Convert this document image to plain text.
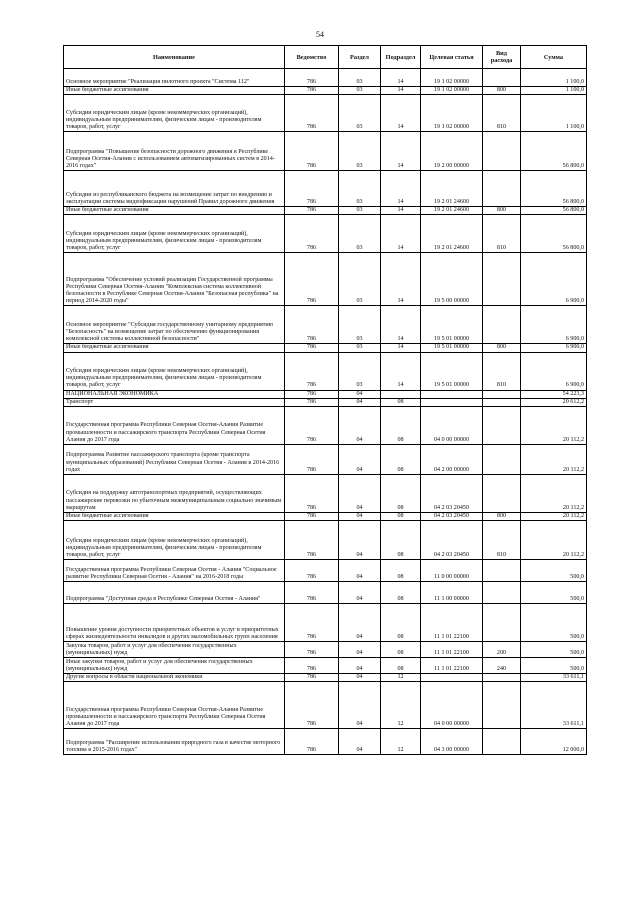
54
Наименование	Ведомство	Раздел	Подраздел	Целевая статья	Вид расхода	Сумма
Основное мероприятие "Реализация пилотного проекта "Система 112"	786	03	14	19 1 02 00000		1 100,0
Иные бюджетные ассигнования	786	03	14	19 1 02 00000	800	1 100,0
Субсидии юридическим лицам (кроме некоммерческих организаций), индивидуальным предпринимателям, физическим лицам - производителям товаров, работ, услуг	786	03	14	19 1 02 00000	810	1 100,0
Подпрограмма "Повышение безопасности дорожного движения в Республике Северная Осетия-Алания с использованием автоматизированных систем в 2014-2016 годах"	786	03	14	19 2 00 00000		56 800,0
Субсидии из республиканского бюджета на возмещение затрат по внедрению и эксплуатации системы видеофиксации нарушений Правил дорожного движения	786	03	14	19 2 01 24600		56 800,0
Иные бюджетные ассигнования	786	03	14	19 2 01 24600	800	56 800,0
Субсидии юридическим лицам (кроме некоммерческих организаций), индивидуальным предпринимателям, физическим лицам - производителям товаров, работ, услуг	786	03	14	19 2 01 24600	810	56 800,0
Подпрограмма "Обеспечение условий реализации Государственной программы Республики Северная Осетия-Алания "Комплексная система коллективной безопасности в Республике Северная Осетия-Алания "Безопасная республика" на период 2014-2020 годы"	786	03	14	19 5 00 00000		6 900,0
Основное мероприятие "Субсидия государственному унитарному предприятию "Безопасность" на возмещение затрат по обеспечению функционирования комплексной системы коллективной безопасности"	786	03	14	19 5 01 00000		6 900,0
Иные бюджетные ассигнования	786	03	14	19 5 01 00000	800	6 900,0
Субсидии юридическим лицам (кроме некоммерческих организаций), индивидуальным предпринимателям, физическим лицам - производителям товаров, работ, услуг	786	03	14	19 5 01 00000	810	6 900,0
НАЦИОНАЛЬНАЯ ЭКОНОМИКА	786	04				54 223,3
Транспорт	786	04	08			20 612,2
Государственная программа Республики Северная Осетия-Алания Развитие промышленности и пассажирского транспорта Республики Северная Осетия Алания до 2017 года	786	04	08	04 0 00 00000		20 112,2
Подпрограмма Развитие пассажирского транспорта (кроме транспорта муниципальных образований) Республики Северная Осетия - Алания в 2014-2016 годах	786	04	08	04 2 00 00000		20 112,2
Субсидия на поддержку автотранспортных предприятий, осуществляющих пассажирские перевозки по убыточным межмуниципальным социально значимым маршрутам	786	04	08	04 2 03 20450		20 112,2
Иные бюджетные ассигнования	786	04	08	04 2 03 20450	800	20 112,2
Субсидии юридическим лицам (кроме некоммерческих организаций), индивидуальным предпринимателям, физическим лицам - производителям товаров, работ, услуг	786	04	08	04 2 03 20450	810	20 112,2
Государственная программа Республики Северная Осетия - Алания "Социальное развитие Республики Северная Осетия - Алания" на 2016-2018 годы	786	04	08	11 0 00 00000		500,0
Подпрограмма "Доступная среда в Республике Северная Осетия - Алания"	786	04	08	11 1 00 00000		500,0
Повышение уровня доступности приоритетных объектов и услуг в приоритетных сферах жизнедеятельности инвалидов и других маломобильных групп населения	786	04	08	11 1 01 22100		500,0
Закупка товаров, работ и услуг для обеспечения государственных (муниципальных) нужд	786	04	08	11 1 01 22100	200	500,0
Иные закупки товаров, работ и услуг для обеспечения государственных (муниципальных) нужд	786	04	08	11 1 01 22100	240	500,0
Другие вопросы в области национальной экономики	786	04	12			33 611,1
Государственная программа Республики Северная Осетия-Алания Развитие промышленности и пассажирского транспорта Республики Северная Осетия Алания до 2017 года	786	04	12	04 0 00 00000		33 611,1
Подпрограмма "Расширение использования природного газа в качестве моторного топлива в 2015-2016 годах"	786	04	12	04 3 00 00000		12 000,0
